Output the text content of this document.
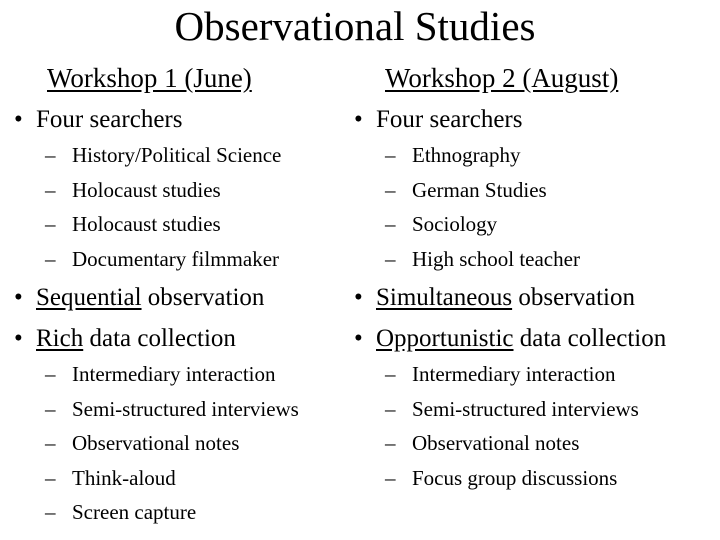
Observational Studies
Workshop 1 (June)
• Four searchers
– History/Political Science
– Holocaust studies
– Holocaust studies
– Documentary filmmaker
• Sequential observation
• Rich data collection
– Intermediary interaction
– Semi-structured interviews
– Observational notes
– Think-aloud
– Screen capture
Workshop 2 (August)
• Four searchers
– Ethnography
– German Studies
– Sociology
– High school teacher
• Simultaneous observation
• Opportunistic data collection
– Intermediary interaction
– Semi-structured interviews
– Observational notes
– Focus group discussions
